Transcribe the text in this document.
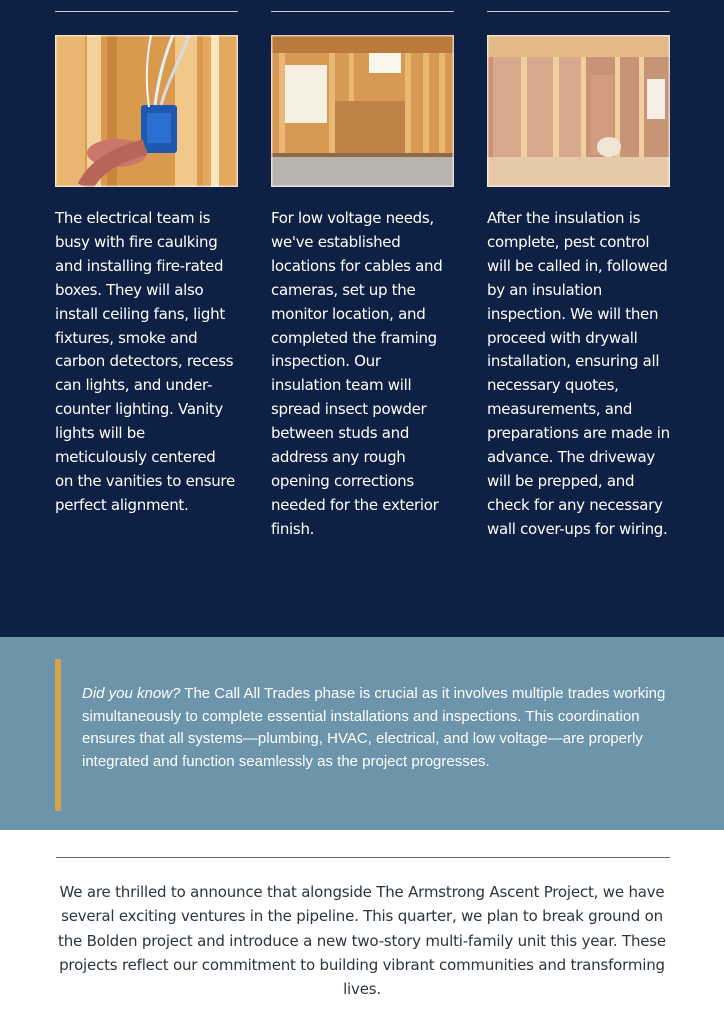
The electrical team is busy with fire caulking and installing fire-rated boxes. They will also install ceiling fans, light fixtures, smoke and carbon detectors, recess can lights, and under-counter lighting. Vanity lights will be meticulously centered on the vanities to ensure perfect alignment.
For low voltage needs, we've established locations for cables and cameras, set up the monitor location, and completed the framing inspection. Our insulation team will spread insect powder between studs and address any rough opening corrections needed for the exterior finish.
After the insulation is complete, pest control will be called in, followed by an insulation inspection. We will then proceed with drywall installation, ensuring all necessary quotes, measurements, and preparations are made in advance. The driveway will be prepped, and check for any necessary wall cover-ups for wiring.

Did you know? The Call All Trades phase is crucial as it involves multiple trades working simultaneously to complete essential installations and inspections. This coordination ensures that all systems—plumbing, HVAC, electrical, and low voltage—are properly integrated and function seamlessly as the project progresses.

We are thrilled to announce that alongside The Armstrong Ascent Project, we have several exciting ventures in the pipeline. This quarter, we plan to break ground on the Bolden project and introduce a new two-story multi-family unit this year. These projects reflect our commitment to building vibrant communities and transforming lives.
